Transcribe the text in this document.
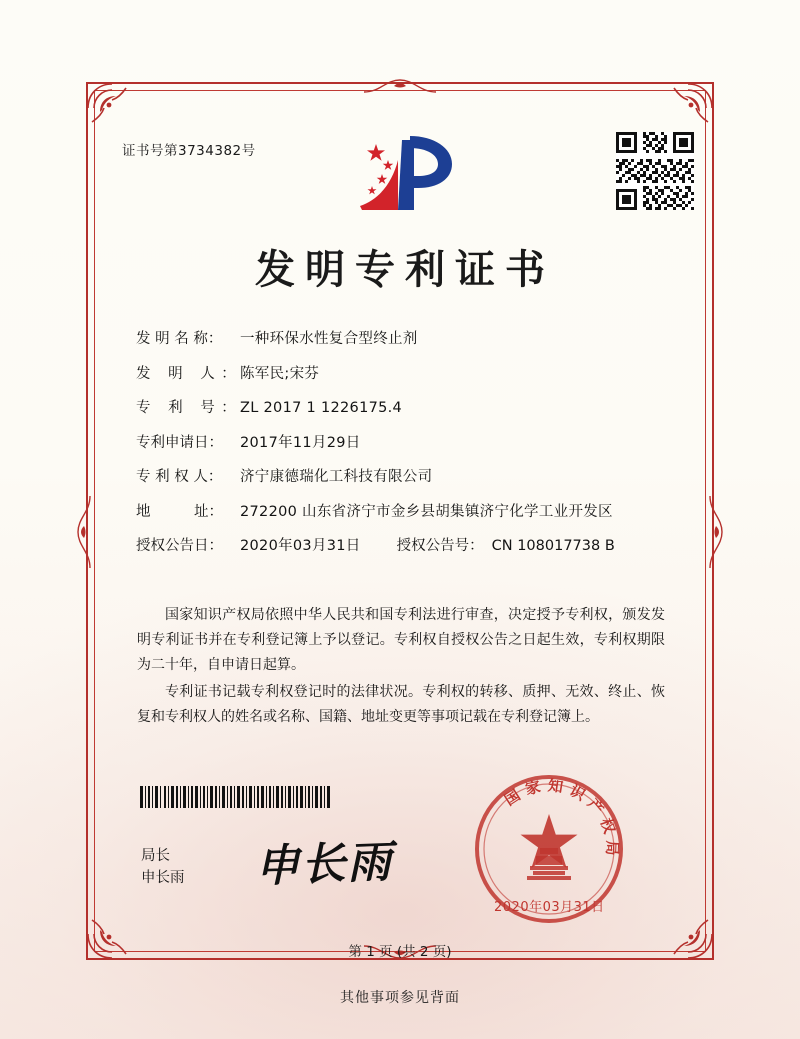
证书号第3734382号
发明专利证书
发 明 名 称：	一种环保水性复合型终止剂
发 明 人：
陈军民;宋芬
专 利 号：
ZL 2017 1 1226175.4
专利申请日：	2017年11月29日
专 利 权 人：	济宁康德瑞化工科技有限公司
地　　　址：	272200 山东省济宁市金乡县胡集镇济宁化学工业开发区
授权公告日：	2020年03月31日 授权公告号： CN 108017738 B

国家知识产权局依照中华人民共和国专利法进行审查，决定授予专利权，颁发发明专利证书并在专利登记簿上予以登记。专利权自授权公告之日起生效，专利权期限为二十年，自申请日起算。

专利证书记载专利权登记时的法律状况。专利权的转移、质押、无效、终止、恢复和专利权人的姓名或名称、国籍、地址变更等事项记载在专利登记簿上。

局长
申长雨 申长雨
国家知识产权局
2020年03月31日
第 1 页 (共 2 页)
其他事项参见背面
